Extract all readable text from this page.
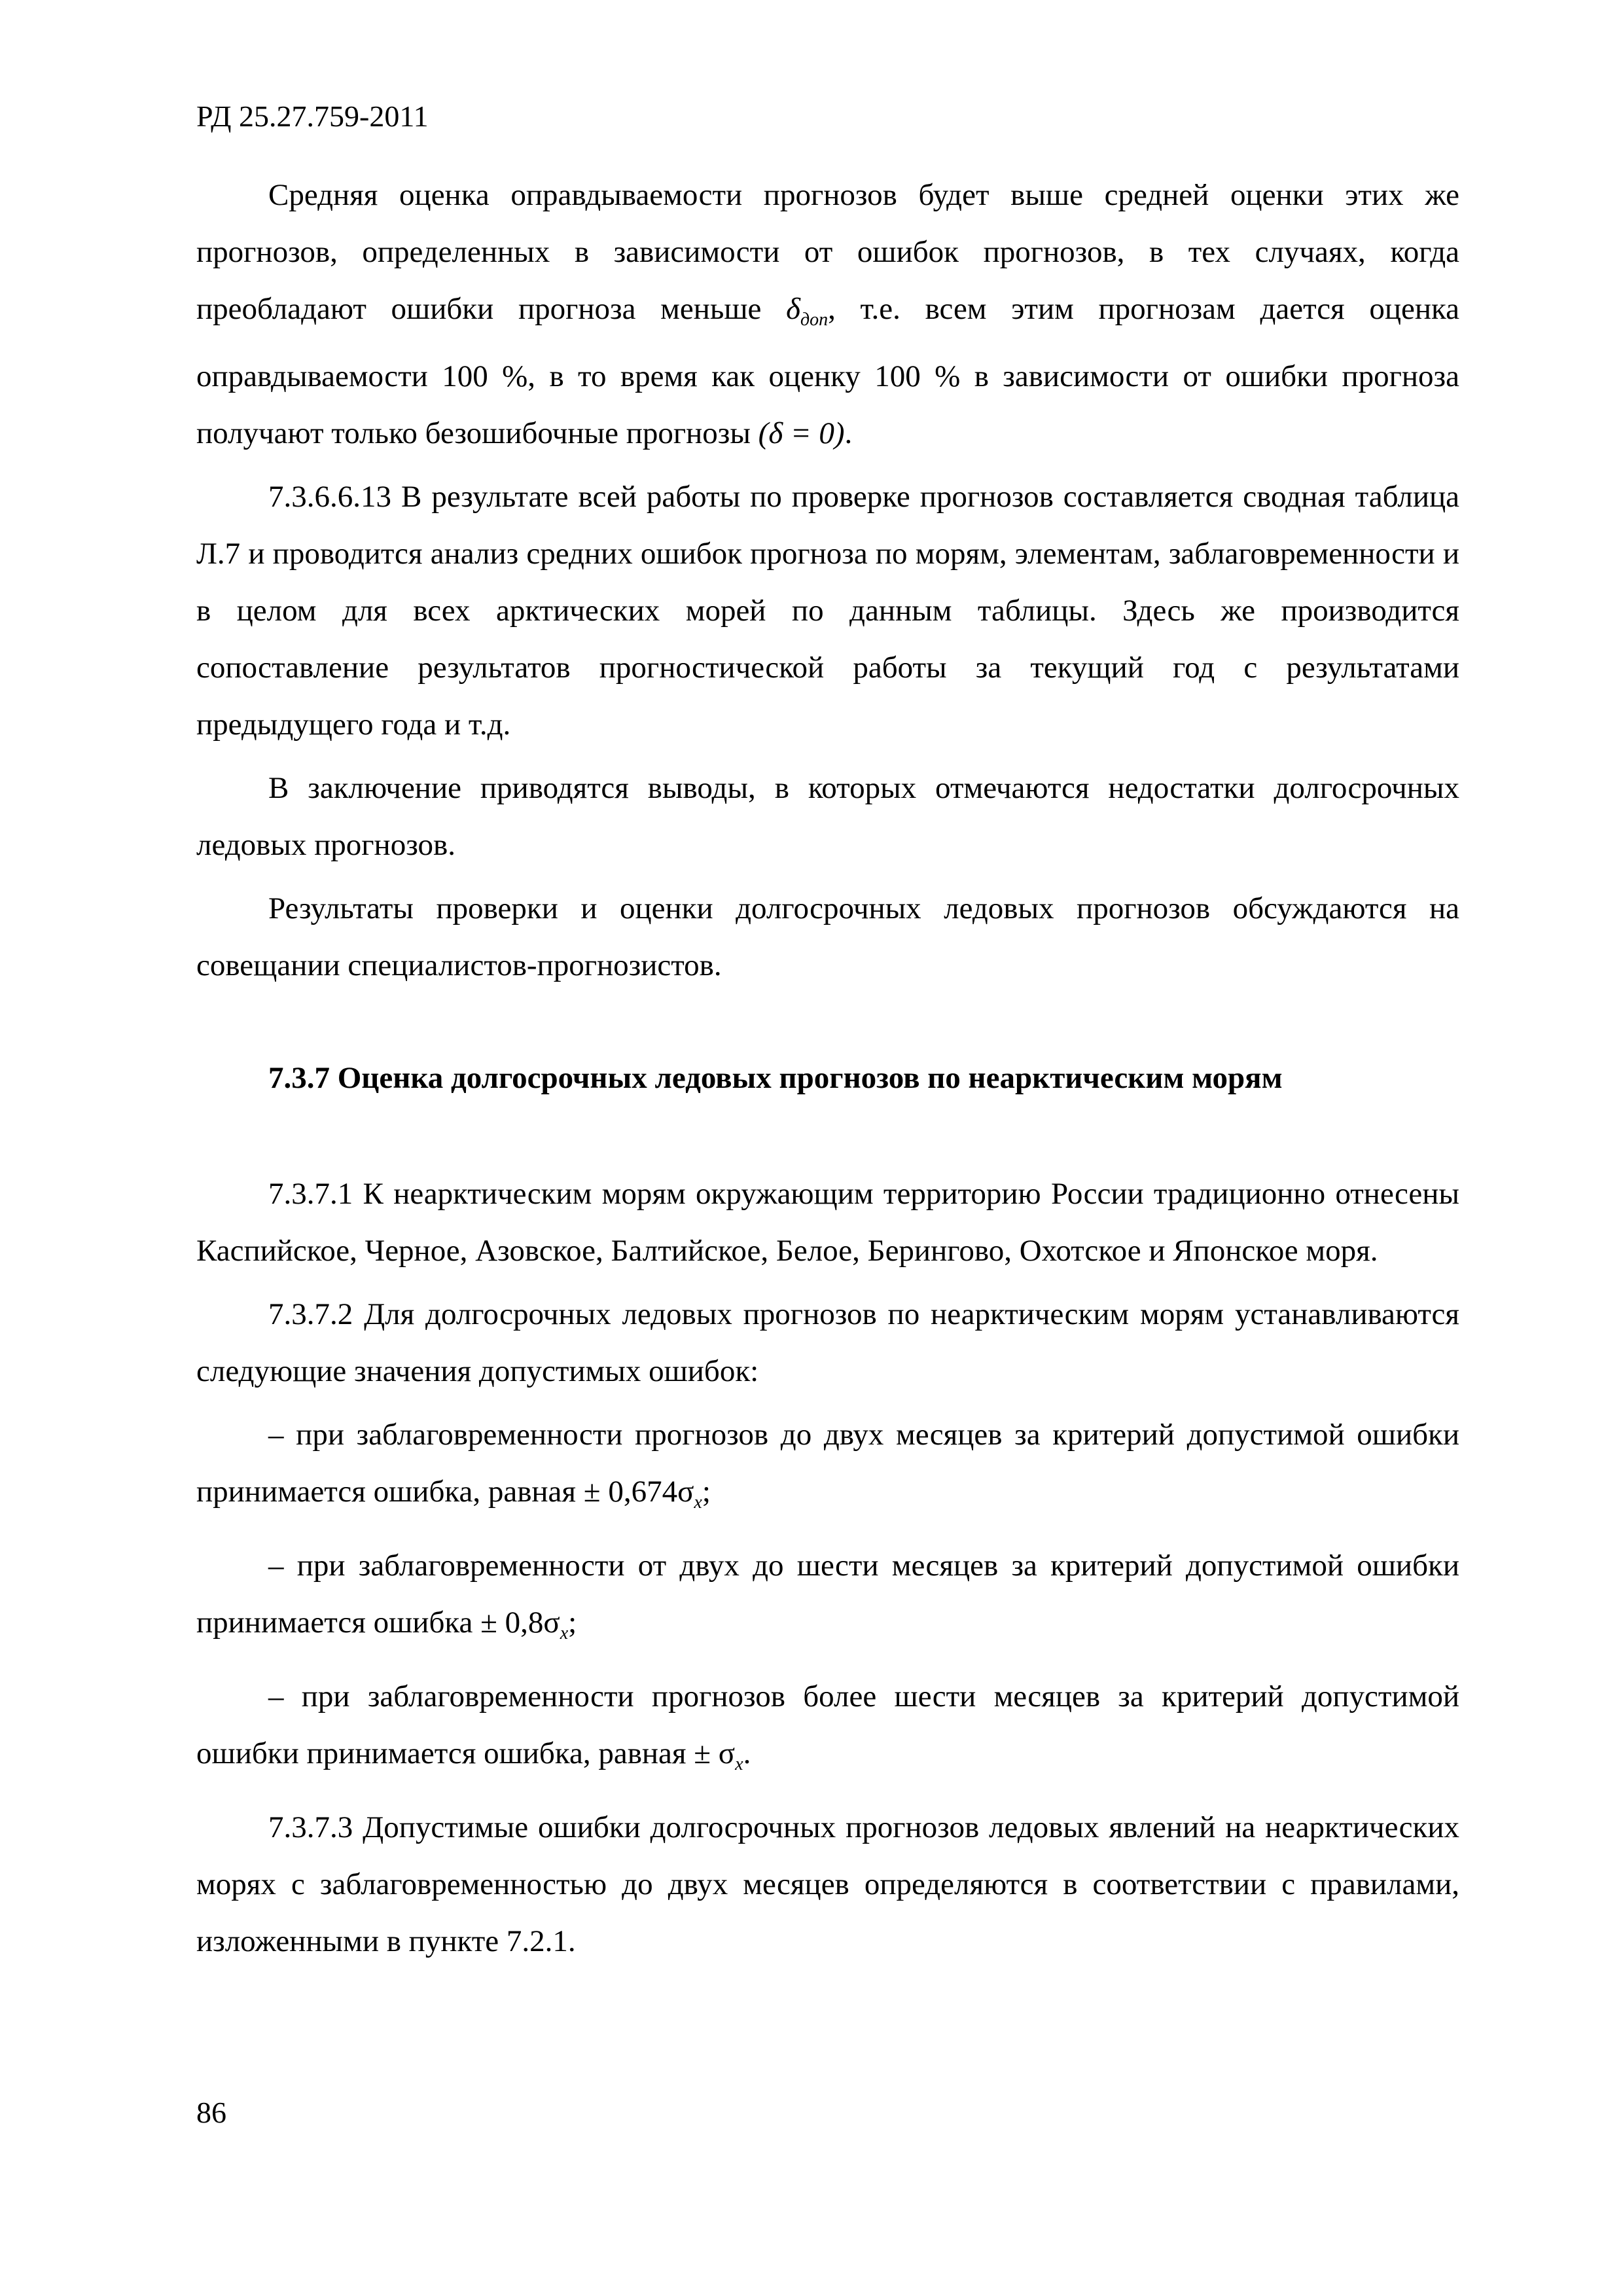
РД 25.27.759-2011

Средняя оценка оправдываемости прогнозов будет выше средней оценки этих же прогнозов, определенных в зависимости от ошибок прогнозов, в тех случаях, когда преобладают ошибки прогноза меньше $\delta_{доп}$, т.е. всем этим прогнозам дается оценка оправдываемости 100 %, в то время как оценку 100 % в зависимости от ошибки прогноза получают только безошибочные прогнозы (δ = 0).

7.3.6.6.13 В результате всей работы по проверке прогнозов составляется сводная таблица Л.7 и проводится анализ средних ошибок прогноза по морям, элементам, заблаговременности и в целом для всех арктических морей по данным таблицы. Здесь же производится сопоставление результатов прогностической работы за текущий год с результатами предыдущего года и т.д.

В заключение приводятся выводы, в которых отмечаются недостатки долгосрочных ледовых прогнозов.

Результаты проверки и оценки долгосрочных ледовых прогнозов обсуждаются на совещании специалистов-прогнозистов.

7.3.7 Оценка долгосрочных ледовых прогнозов по неарктическим морям

7.3.7.1 К неарктическим морям окружающим территорию России традиционно отнесены Каспийское, Черное, Азовское, Балтийское, Белое, Берингово, Охотское и Японское моря.

7.3.7.2 Для долгосрочных ледовых прогнозов по неарктическим морям устанавливаются следующие значения допустимых ошибок:

– при заблаговременности прогнозов до двух месяцев за критерий допустимой ошибки принимается ошибка, равная ± $0,674\sigma_x$;

– при заблаговременности от двух до шести месяцев за критерий допустимой ошибки принимается ошибка ± $0,8\sigma_x$;

– при заблаговременности прогнозов более шести месяцев за критерий допустимой ошибки принимается ошибка, равная ± $\sigma_x$.

7.3.7.3 Допустимые ошибки долгосрочных прогнозов ледовых явлений на неарктических морях с заблаговременностью до двух месяцев определяются в соответствии с правилами, изложенными в пункте 7.2.1.

86
